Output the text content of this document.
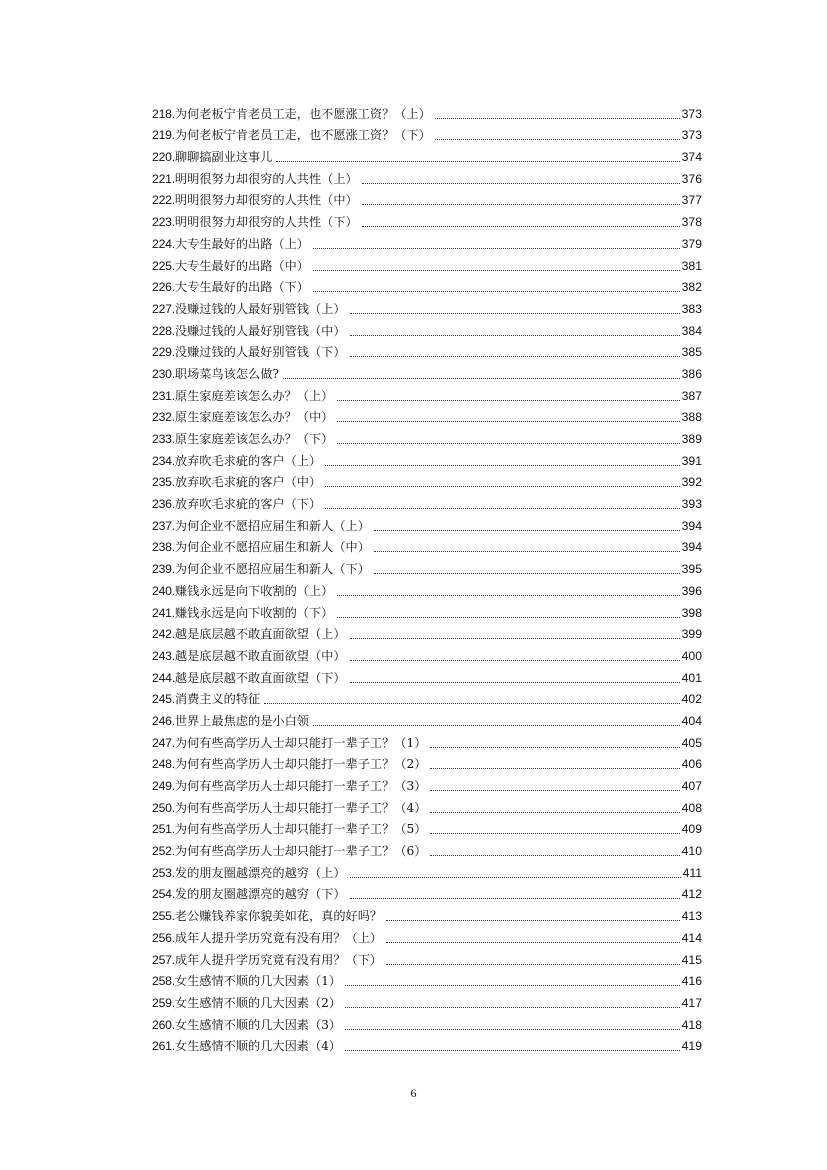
218. 为何老板宁肯老员工走，也不愿涨工资？（上）	373
219. 为何老板宁肯老员工走，也不愿涨工资？（下）	373
220. 聊聊搞副业这事儿	374
221. 明明很努力却很穷的人共性（上）	376
222. 明明很努力却很穷的人共性（中）	377
223. 明明很努力却很穷的人共性（下）	378
224. 大专生最好的出路（上）	379
225. 大专生最好的出路（中）	381
226. 大专生最好的出路（下）	382
227. 没赚过钱的人最好别管钱（上）	383
228. 没赚过钱的人最好别管钱（中）	384
229. 没赚过钱的人最好别管钱（下）	385
230. 职场菜鸟该怎么做?	386
231. 原生家庭差该怎么办？（上）	387
232. 原生家庭差该怎么办？（中）	388
233. 原生家庭差该怎么办？（下）	389
234. 放弃吹毛求疵的客户（上）	391
235. 放弃吹毛求疵的客户（中）	392
236. 放弃吹毛求疵的客户（下）	393
237. 为何企业不愿招应届生和新人（上）	394
238. 为何企业不愿招应届生和新人（中）	394
239. 为何企业不愿招应届生和新人（下）	395
240. 赚钱永远是向下收割的（上）	396
241. 赚钱永远是向下收割的（下）	398
242. 越是底层越不敢直面欲望（上）	399
243. 越是底层越不敢直面欲望（中）	400
244. 越是底层越不敢直面欲望（下）	401
245. 消费主义的特征	402
246. 世界上最焦虑的是小白领	404
247. 为何有些高学历人士却只能打一辈子工？（1）	405
248. 为何有些高学历人士却只能打一辈子工？（2）	406
249. 为何有些高学历人士却只能打一辈子工？（3）	407
250. 为何有些高学历人士却只能打一辈子工？（4）	408
251. 为何有些高学历人士却只能打一辈子工？（5）	409
252. 为何有些高学历人士却只能打一辈子工？（6）	410
253. 发的朋友圈越漂亮的越穷（上）	411
254. 发的朋友圈越漂亮的越穷（下）	412
255. 老公赚钱养家你貌美如花，真的好吗？	413
256. 成年人提升学历究竟有没有用？（上）	414
257. 成年人提升学历究竟有没有用？（下）	415
258. 女生感情不顺的几大因素（1）	416
259. 女生感情不顺的几大因素（2）	417
260. 女生感情不顺的几大因素（3）	418
261. 女生感情不顺的几大因素（4）	419
6
